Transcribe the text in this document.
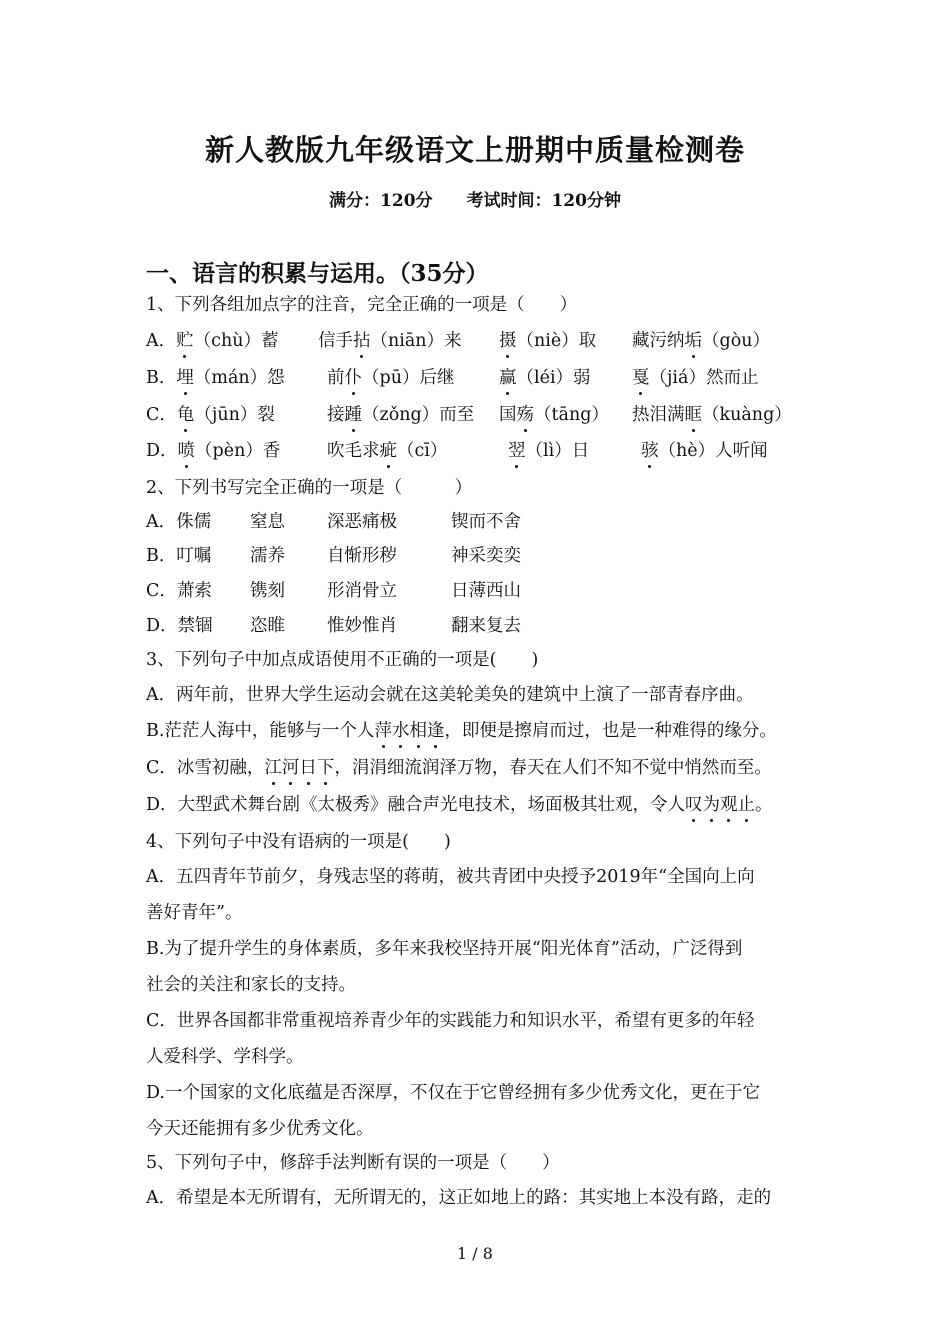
新人教版九年级语文上册期中质量检测卷
满分：120分 考试时间：120分钟
一、语言的积累与运用。（35分）
1、下列各组加点字的注音，完全正确的一项是（　　）
A．贮（chù）蓄 信手拈（niān）来 摄（niè）取 藏污纳垢（gòu）
B．埋（mán）怨 前仆（pū）后继	赢（léi）弱 戛（jiá）然而止
C．龟（jūn）裂	接踵（zǒng）而至 国殇（tāng） 热泪满眶（kuàng）
D．喷（pèn）香	吹毛求疵（cī）	翌（lì）日	骇（hè）人听闻
2、下列书写完全正确的一项是（　　　）
A．侏儒 窒息 深恶痛极	锲而不舍
B．叮嘱 濡养 自惭形秽	神采奕奕
C．萧索 镌刻 形消骨立	日薄西山
D．禁锢 恣睢 惟妙惟肖	翻来复去
3、下列句子中加点成语使用不正确的一项是(　　)
A．两年前，世界大学生运动会就在这美轮美奂的建筑中上演了一部青春序曲。
B.茫茫人海中，能够与一个人萍水相逢，即便是擦肩而过，也是一种难得的缘分。
C．冰雪初融，江河日下，涓涓细流润泽万物，春天在人们不知不觉中悄然而至。
D．大型武术舞台剧《太极秀》融合声光电技术，场面极其壮观，令人叹为观止。
4、下列句子中没有语病的一项是(　　)
A．五四青年节前夕，身残志坚的蒋萌，被共青团中央授予2019年“全国向上向
善好青年”。
B.为了提升学生的身体素质，多年来我校坚持开展“阳光体育”活动，广泛得到
社会的关注和家长的支持。
C．世界各国都非常重视培养青少年的实践能力和知识水平，希望有更多的年轻
人爱科学、学科学。
D.一个国家的文化底蕴是否深厚，不仅在于它曾经拥有多少优秀文化，更在于它
今天还能拥有多少优秀文化。
5、下列句子中，修辞手法判断有误的一项是（　　）
A．希望是本无所谓有，无所谓无的，这正如地上的路：其实地上本没有路，走的
1 / 8
